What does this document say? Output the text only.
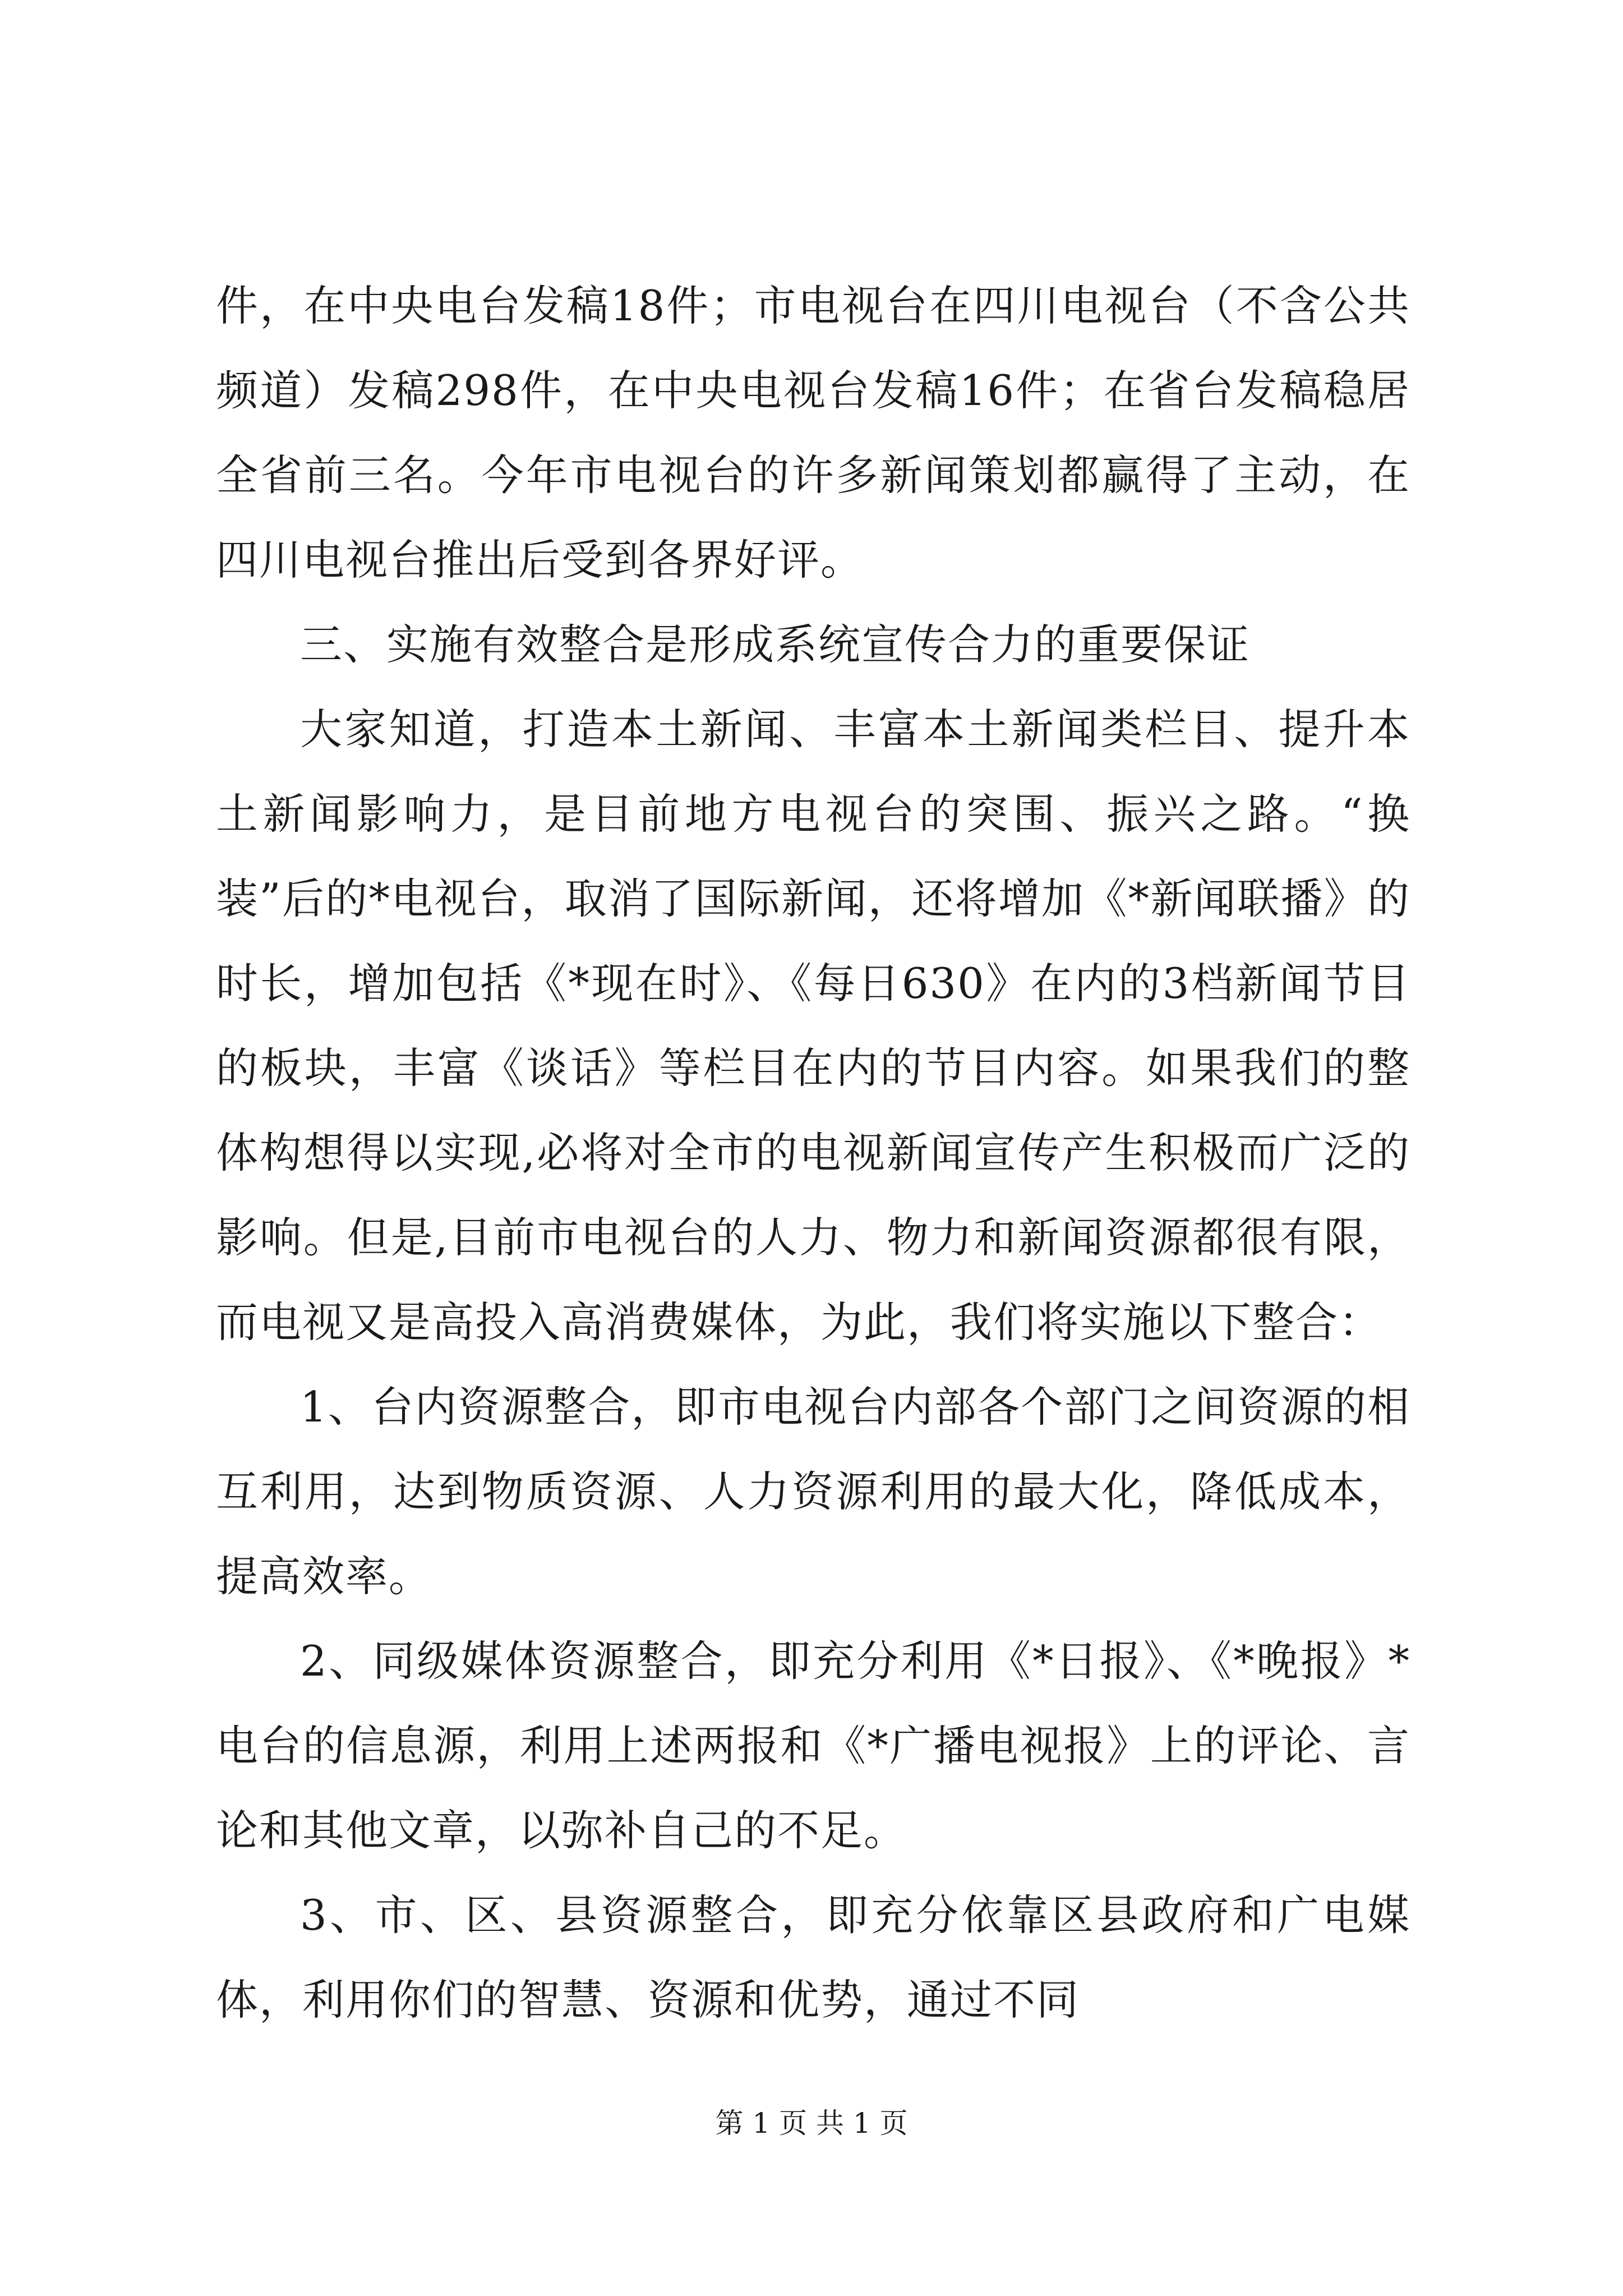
件，在中央电台发稿18件；市电视台在四川电视台（不含公共频道）发稿298件，在中央电视台发稿16件；在省台发稿稳居全省前三名。今年市电视台的许多新闻策划都赢得了主动，在四川电视台推出后受到各界好评。

三、实施有效整合是形成系统宣传合力的重要保证

大家知道，打造本土新闻、丰富本土新闻类栏目、提升本土新闻影响力，是目前地方电视台的突围、振兴之路。“换装”后的*电视台，取消了国际新闻，还将增加《*新闻联播》的时长，增加包括《*现在时》、《每日630》在内的3档新闻节目的板块，丰富《谈话》等栏目在内的节目内容。如果我们的整体构想得以实现,必将对全市的电视新闻宣传产生积极而广泛的影响。但是,目前市电视台的人力、物力和新闻资源都很有限，而电视又是高投入高消费媒体，为此，我们将实施以下整合：

1、台内资源整合，即市电视台内部各个部门之间资源的相互利用，达到物质资源、人力资源利用的最大化，降低成本，提高效率。

2、同级媒体资源整合，即充分利用《*日报》、《*晚报》*电台的信息源，利用上述两报和《*广播电视报》上的评论、言论和其他文章，以弥补自己的不足。

3、市、区、县资源整合，即充分依靠区县政府和广电媒体，利用你们的智慧、资源和优势，通过不同

第 1 页 共 1 页
